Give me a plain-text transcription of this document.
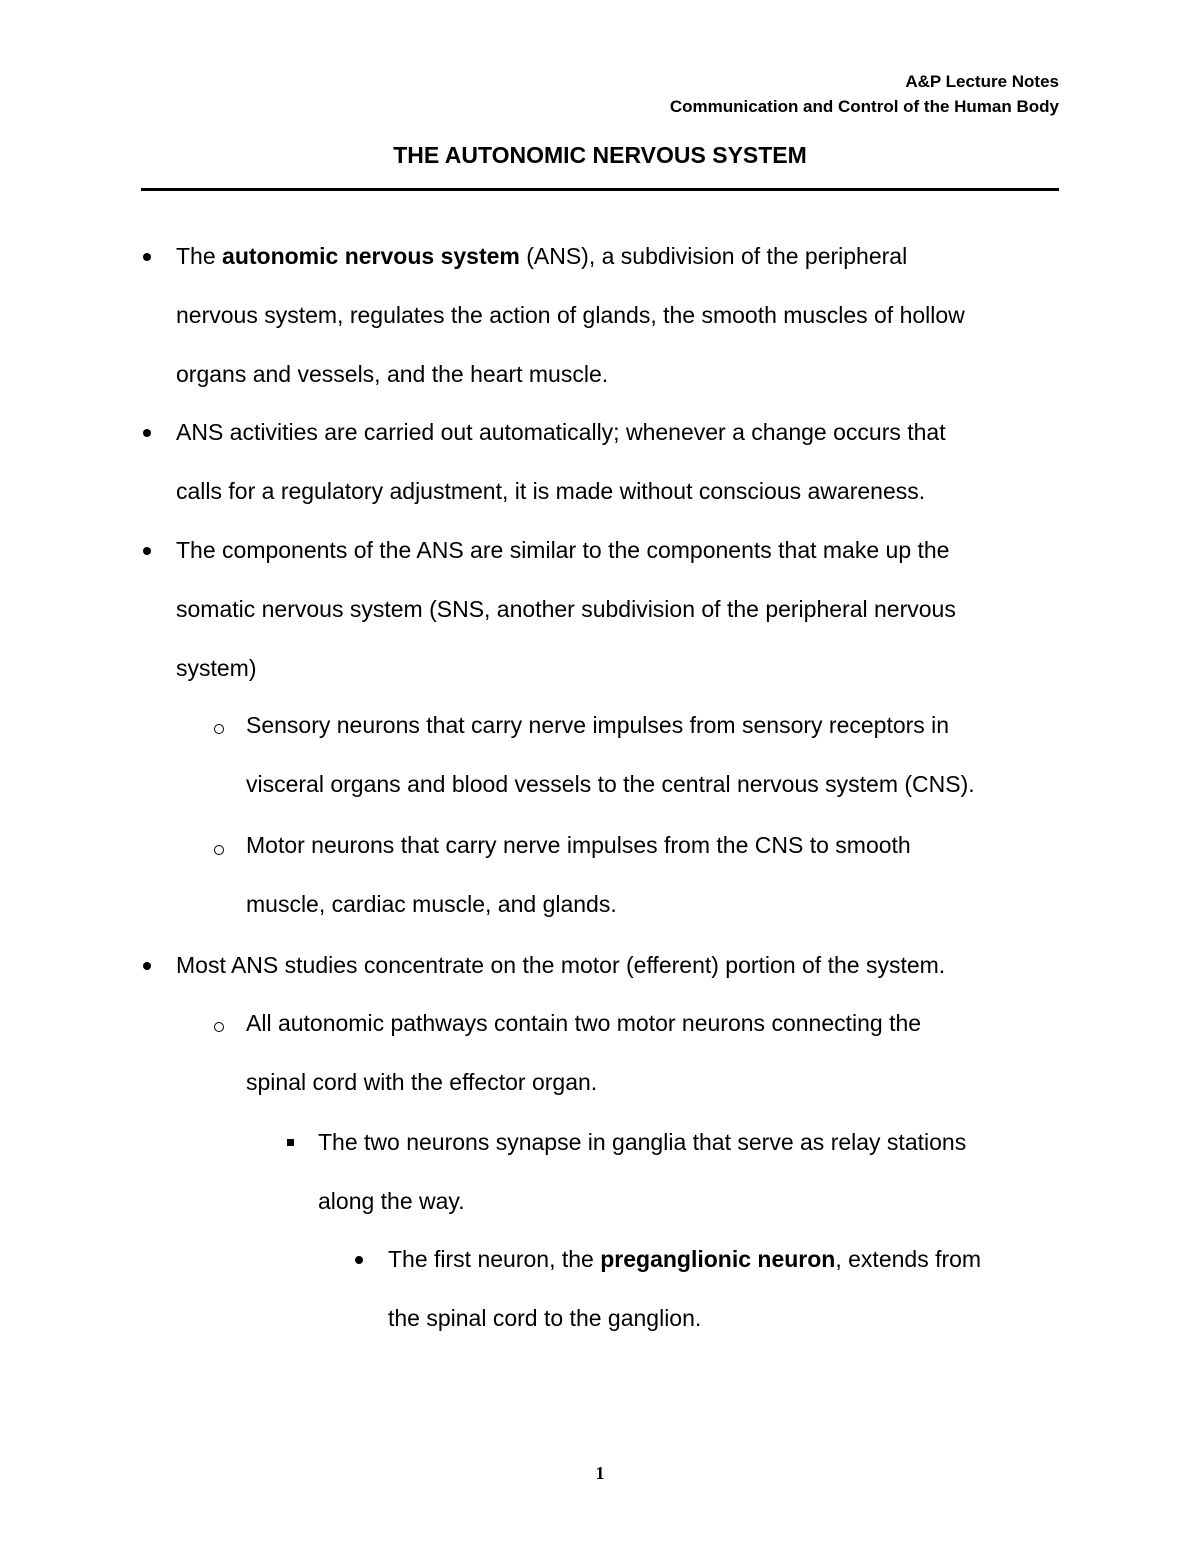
A&P Lecture Notes
Communication and Control of the Human Body
THE AUTONOMIC NERVOUS SYSTEM
The autonomic nervous system (ANS), a subdivision of the peripheral
nervous system, regulates the action of glands, the smooth muscles of hollow
organs and vessels, and the heart muscle.
ANS activities are carried out automatically; whenever a change occurs that
calls for a regulatory adjustment, it is made without conscious awareness.
The components of the ANS are similar to the components that make up the
somatic nervous system (SNS, another subdivision of the peripheral nervous
system)
Sensory neurons that carry nerve impulses from sensory receptors in
visceral organs and blood vessels to the central nervous system (CNS).
Motor neurons that carry nerve impulses from the CNS to smooth
muscle, cardiac muscle, and glands.
Most ANS studies concentrate on the motor (efferent) portion of the system.
All autonomic pathways contain two motor neurons connecting the
spinal cord with the effector organ.
The two neurons synapse in ganglia that serve as relay stations
along the way.
The first neuron, the preganglionic neuron, extends from
the spinal cord to the ganglion.
1
